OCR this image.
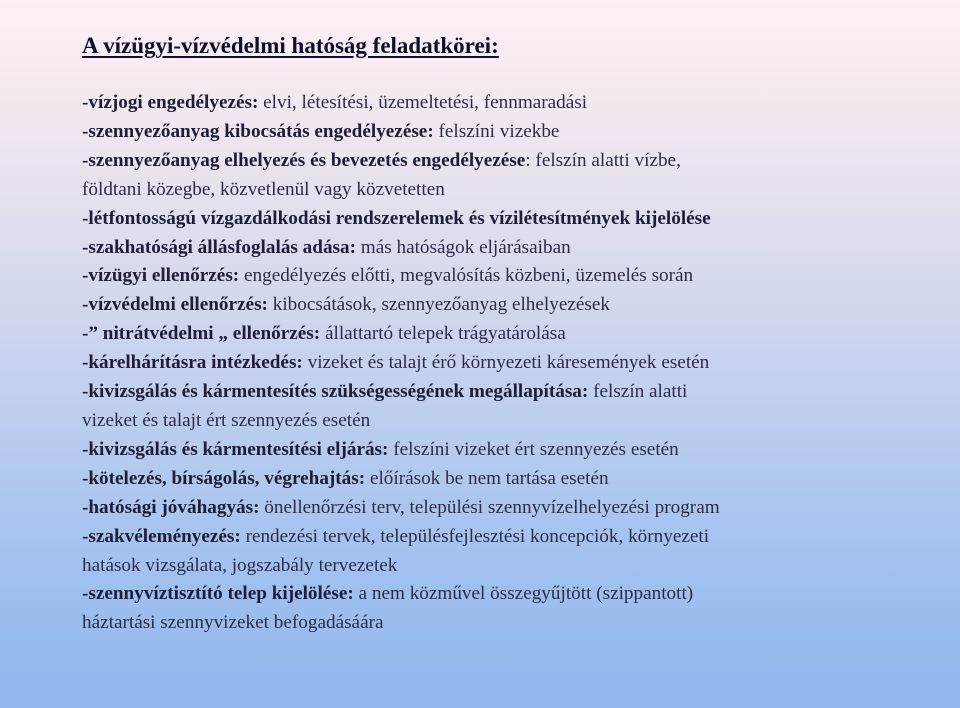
A vízügyi-vízvédelmi hatóság feladatkörei:
-vízjogi engedélyezés: elvi, létesítési, üzemeltetési, fennmaradási
-szennyezőanyag kibocsátás engedélyezése: felszíni vizekbe
-szennyezőanyag elhelyezés és bevezetés engedélyezése: felszín alatti vízbe,
földtani közegbe, közvetlenül vagy közvetetten
-létfontosságú vízgazdálkodási rendszerelemek és vízilétesítmények kijelölése
-szakhatósági állásfoglalás adása: más hatóságok eljárásaiban
-vízügyi ellenőrzés: engedélyezés előtti, megvalósítás közbeni, üzemelés során
-vízvédelmi ellenőrzés: kibocsátások, szennyezőanyag elhelyezések
-” nitrátvédelmi „ ellenőrzés: állattartó telepek trágyatárolása
-kárelhárításra intézkedés: vizeket és talajt érő környezeti káresemények esetén
-kivizsgálás és kármentesítés szükségességének megállapítása: felszín alatti
vizeket és talajt ért szennyezés esetén
-kivizsgálás és kármentesítési eljárás: felszíni vizeket ért szennyezés esetén
-kötelezés, bírságolás, végrehajtás: előírások be nem tartása esetén
-hatósági jóváhagyás: önellenőrzési terv, települési szennyvízelhelyezési program
-szakvéleményezés: rendezési tervek, településfejlesztési koncepciók, környezeti
hatások vizsgálata, jogszabály tervezetek
-szennyvíztisztító telep kijelölése: a nem közművel összegyűjtött (szippantott)
háztartási szennyvizeket befogadásáára
